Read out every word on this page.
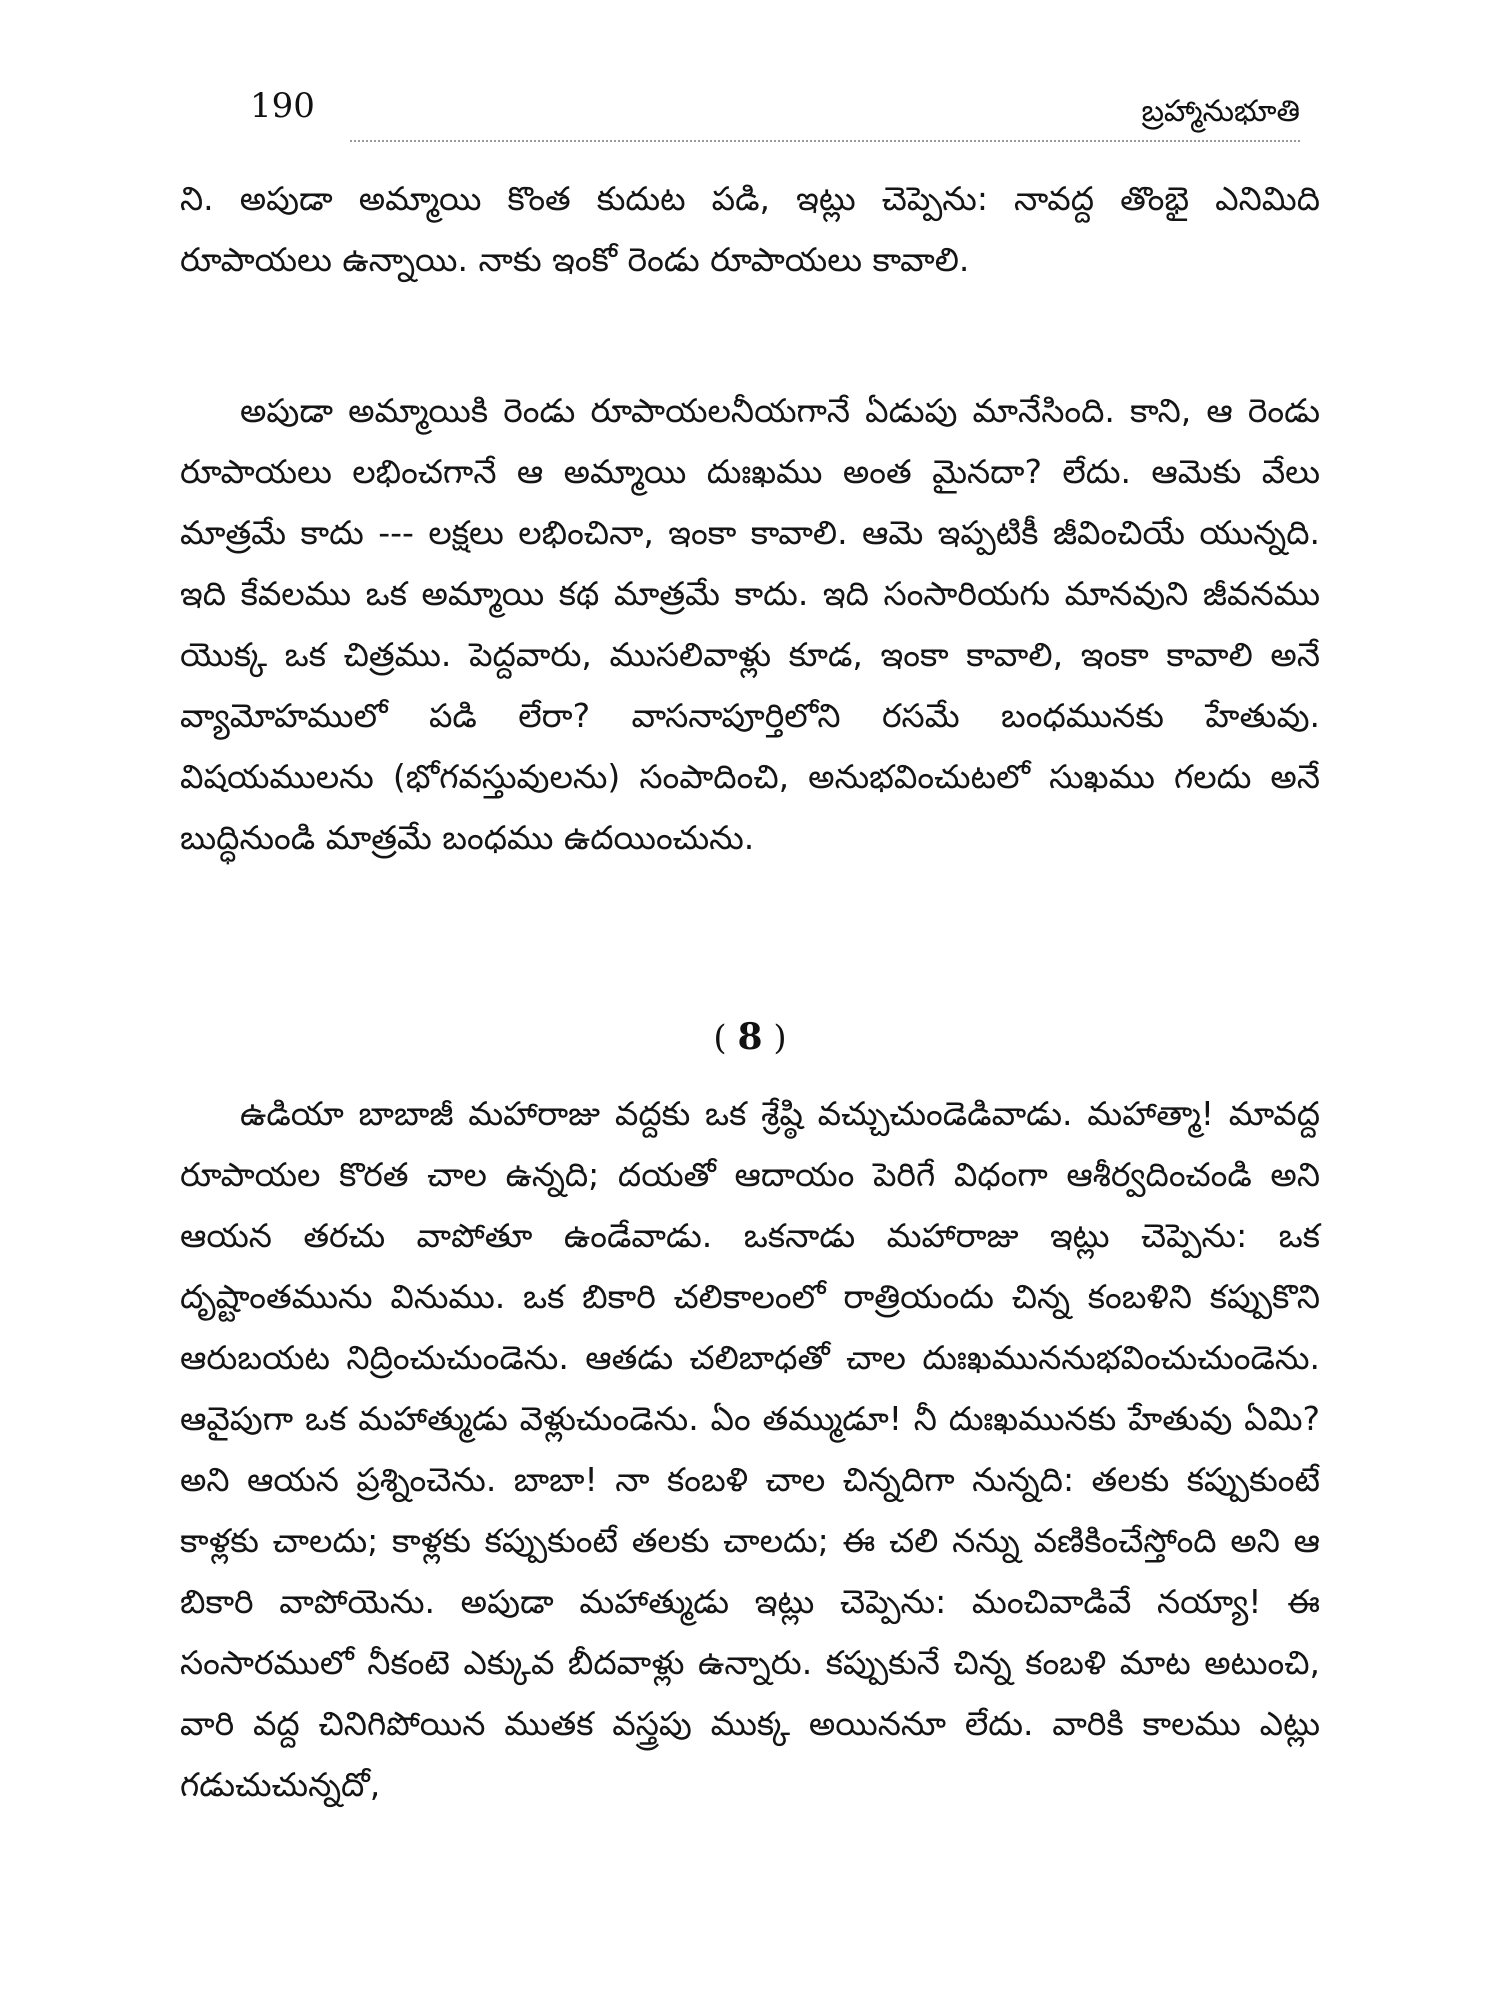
190	బ్రహ్మానుభూతి

ని. అపుడా అమ్మాయి కొంత కుదుట పడి, ఇట్లు చెప్పెను: నావద్ద తొంభై ఎనిమిది రూపాయలు ఉన్నాయి. నాకు ఇంకో రెండు రూపాయలు కావాలి.

అపుడా అమ్మాయికి రెండు రూపాయలనీయగానే ఏడుపు మానేసింది. కాని, ఆ రెండు రూపాయలు లభించగానే ఆ అమ్మాయి దుఃఖము అంత మైనదా? లేదు. ఆమెకు వేలు మాత్రమే కాదు --- లక్షలు లభించినా, ఇంకా కావాలి. ఆమె ఇప్పటికీ జీవించియే యున్నది. ఇది కేవలము ఒక అమ్మాయి కథ మాత్రమే కాదు. ఇది సంసారియగు మానవుని జీవనము యొక్క ఒక చిత్రము. పెద్దవారు, ముసలివాళ్లు కూడ, ఇంకా కావాలి, ఇంకా కావాలి అనే వ్యామోహములో పడి లేరా? వాసనాపూర్తిలోని రసమే బంధమునకు హేతువు. విషయములను (భోగవస్తువులను) సంపాదించి, అనుభవించుటలో సుఖము గలదు అనే బుద్ధినుండి మాత్రమే బంధము ఉదయించును.

( 8 )

ఉడియా బాబాజీ మహారాజు వద్దకు ఒక శ్రేష్ఠి వచ్చుచుండెడివాడు. మహాత్మా! మావద్ద రూపాయల కొరత చాల ఉన్నది; దయతో ఆదాయం పెరిగే విధంగా ఆశీర్వదించండి అని ఆయన తరచు వాపోతూ ఉండేవాడు. ఒకనాడు మహారాజు ఇట్లు చెప్పెను: ఒక దృష్టాంతమును వినుము. ఒక బికారి చలికాలంలో రాత్రియందు చిన్న కంబళిని కప్పుకొని ఆరుబయట నిద్రించుచుండెను. ఆతడు చలిబాధతో చాల దుఃఖముననుభవించుచుండెను. ఆవైపుగా ఒక మహాత్ముడు వెళ్లుచుండెను. ఏం తమ్ముడూ! నీ దుఃఖమునకు హేతువు ఏమి? అని ఆయన ప్రశ్నించెను. బాబా! నా కంబళి చాల చిన్నదిగా నున్నది: తలకు కప్పుకుంటే కాళ్లకు చాలదు; కాళ్లకు కప్పుకుంటే తలకు చాలదు; ఈ చలి నన్ను వణికించేస్తోంది అని ఆ బికారి వాపోయెను. అపుడా మహాత్ముడు ఇట్లు చెప్పెను: మంచివాడివే నయ్యా! ఈ సంసారములో నీకంటె ఎక్కువ బీదవాళ్లు ఉన్నారు. కప్పుకునే చిన్న కంబళి మాట అటుంచి, వారి వద్ద చినిగిపోయిన ముతక వస్త్రపు ముక్క అయిననూ లేదు. వారికి కాలము ఎట్లు గడుచుచున్నదో,
